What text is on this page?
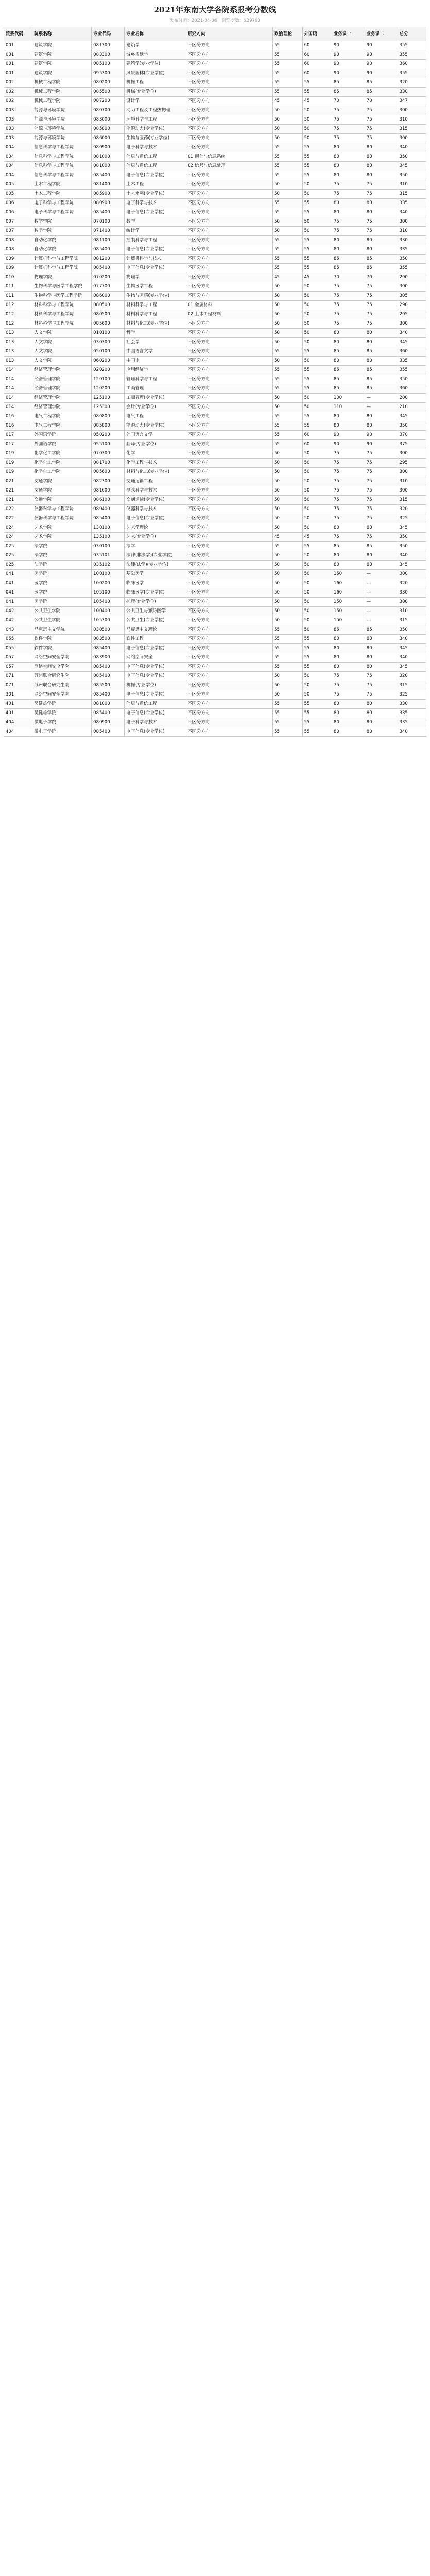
2021年东南大学各院系报考分数线
发布时间：2021-04-06 浏览次数：639793
院系代码	院系名称	专业代码	专业名称	研究方向	政治理论	外国语	业务课一	业务课二	总分
001	建筑学院	081300	建筑学	不区分方向	55	60	90	90	355
001	建筑学院	083300	城乡规划学	不区分方向	55	60	90	90	355
001	建筑学院	085100	建筑学(专业学位)	不区分方向	55	60	90	90	360
001	建筑学院	095300	风景园林(专业学位)	不区分方向	55	60	90	90	355
002	机械工程学院	080200	机械工程	不区分方向	55	55	85	85	320
002	机械工程学院	085500	机械(专业学位)	不区分方向	55	55	85	85	330
002	机械工程学院	087200	设计学	不区分方向	45	45	70	70	347
003	能源与环境学院	080700	动力工程及工程热物理	不区分方向	50	50	75	75	300
003	能源与环境学院	083000	环境科学与工程	不区分方向	50	50	75	75	310
003	能源与环境学院	085800	能源动力(专业学位)	不区分方向	50	50	75	75	315
003	能源与环境学院	086000	生物与医药(专业学位)	不区分方向	50	50	75	75	300
004	信息科学与工程学院	080900	电子科学与技术	不区分方向	55	55	80	80	340
004	信息科学与工程学院	081000	信息与通信工程	01 通信与信息系统	55	55	80	80	350
004	信息科学与工程学院	081000	信息与通信工程	02 信号与信息处理	55	55	80	80	345
004	信息科学与工程学院	085400	电子信息(专业学位)	不区分方向	55	55	80	80	350
005	土木工程学院	081400	土木工程	不区分方向	50	50	75	75	310
005	土木工程学院	085900	土木水利(专业学位)	不区分方向	50	50	75	75	315
006	电子科学与工程学院	080900	电子科学与技术	不区分方向	55	55	80	80	335
006	电子科学与工程学院	085400	电子信息(专业学位)	不区分方向	55	55	80	80	340
007	数学学院	070100	数学	不区分方向	50	50	75	75	300
007	数学学院	071400	统计学	不区分方向	50	50	75	75	310
008	自动化学院	081100	控制科学与工程	不区分方向	55	55	80	80	330
008	自动化学院	085400	电子信息(专业学位)	不区分方向	55	55	80	80	335
009	计算机科学与工程学院	081200	计算机科学与技术	不区分方向	55	55	85	85	350
009	计算机科学与工程学院	085400	电子信息(专业学位)	不区分方向	55	55	85	85	355
010	物理学院	070200	物理学	不区分方向	45	45	70	70	290
011	生物科学与医学工程学院	077700	生物医学工程	不区分方向	50	50	75	75	300
011	生物科学与医学工程学院	086000	生物与医药(专业学位)	不区分方向	50	50	75	75	305
012	材料科学与工程学院	080500	材料科学与工程	01 金属材料	50	50	75	75	290
012	材料科学与工程学院	080500	材料科学与工程	02 土木工程材料	50	50	75	75	295
012	材料科学与工程学院	085600	材料与化工(专业学位)	不区分方向	50	50	75	75	300
013	人文学院	010100	哲学	不区分方向	50	50	80	80	340
013	人文学院	030300	社会学	不区分方向	50	50	80	80	345
013	人文学院	050100	中国语言文学	不区分方向	55	55	85	85	360
013	人文学院	060200	中国史	不区分方向	50	50	80	80	335
014	经济管理学院	020200	应用经济学	不区分方向	55	55	85	85	355
014	经济管理学院	120100	管理科学与工程	不区分方向	55	55	85	85	350
014	经济管理学院	120200	工商管理	不区分方向	55	55	85	85	360
014	经济管理学院	125100	工商管理(专业学位)	不区分方向	50	50	100	—	200
014	经济管理学院	125300	会计(专业学位)	不区分方向	50	50	110	—	210
016	电气工程学院	080800	电气工程	不区分方向	55	55	80	80	345
016	电气工程学院	085800	能源动力(专业学位)	不区分方向	55	55	80	80	350
017	外国语学院	050200	外国语言文学	不区分方向	55	60	90	90	370
017	外国语学院	055100	翻译(专业学位)	不区分方向	55	60	90	90	375
019	化学化工学院	070300	化学	不区分方向	50	50	75	75	300
019	化学化工学院	081700	化学工程与技术	不区分方向	50	50	75	75	295
019	化学化工学院	085600	材料与化工(专业学位)	不区分方向	50	50	75	75	300
021	交通学院	082300	交通运输工程	不区分方向	50	50	75	75	310
021	交通学院	081600	测绘科学与技术	不区分方向	50	50	75	75	300
021	交通学院	086100	交通运输(专业学位)	不区分方向	50	50	75	75	315
022	仪器科学与工程学院	080400	仪器科学与技术	不区分方向	50	50	75	75	320
022	仪器科学与工程学院	085400	电子信息(专业学位)	不区分方向	50	50	75	75	325
024	艺术学院	130100	艺术学理论	不区分方向	50	50	80	80	345
024	艺术学院	135100	艺术(专业学位)	不区分方向	45	45	75	75	350
025	法学院	030100	法学	不区分方向	55	55	85	85	350
025	法学院	035101	法律(非法学)(专业学位)	不区分方向	50	50	80	80	340
025	法学院	035102	法律(法学)(专业学位)	不区分方向	50	50	80	80	345
041	医学院	100100	基础医学	不区分方向	50	50	150	—	300
041	医学院	100200	临床医学	不区分方向	50	50	160	—	320
041	医学院	105100	临床医学(专业学位)	不区分方向	50	50	160	—	330
041	医学院	105400	护理(专业学位)	不区分方向	50	50	150	—	300
042	公共卫生学院	100400	公共卫生与预防医学	不区分方向	50	50	150	—	310
042	公共卫生学院	105300	公共卫生(专业学位)	不区分方向	50	50	150	—	315
043	马克思主义学院	030500	马克思主义理论	不区分方向	55	50	85	85	350
055	软件学院	083500	软件工程	不区分方向	55	55	80	80	340
055	软件学院	085400	电子信息(专业学位)	不区分方向	55	55	80	80	345
057	网络空间安全学院	083900	网络空间安全	不区分方向	55	55	80	80	340
057	网络空间安全学院	085400	电子信息(专业学位)	不区分方向	55	55	80	80	345
071	苏州联合研究生院	085400	电子信息(专业学位)	不区分方向	50	50	75	75	320
071	苏州联合研究生院	085500	机械(专业学位)	不区分方向	50	50	75	75	315
301	网络空间安全学院	085400	电子信息(专业学位)	不区分方向	50	50	75	75	325
401	吴健雄学院	081000	信息与通信工程	不区分方向	55	55	80	80	330
401	吴健雄学院	085400	电子信息(专业学位)	不区分方向	55	55	80	80	335
404	微电子学院	080900	电子科学与技术	不区分方向	55	55	80	80	335
404	微电子学院	085400	电子信息(专业学位)	不区分方向	55	55	80	80	340
